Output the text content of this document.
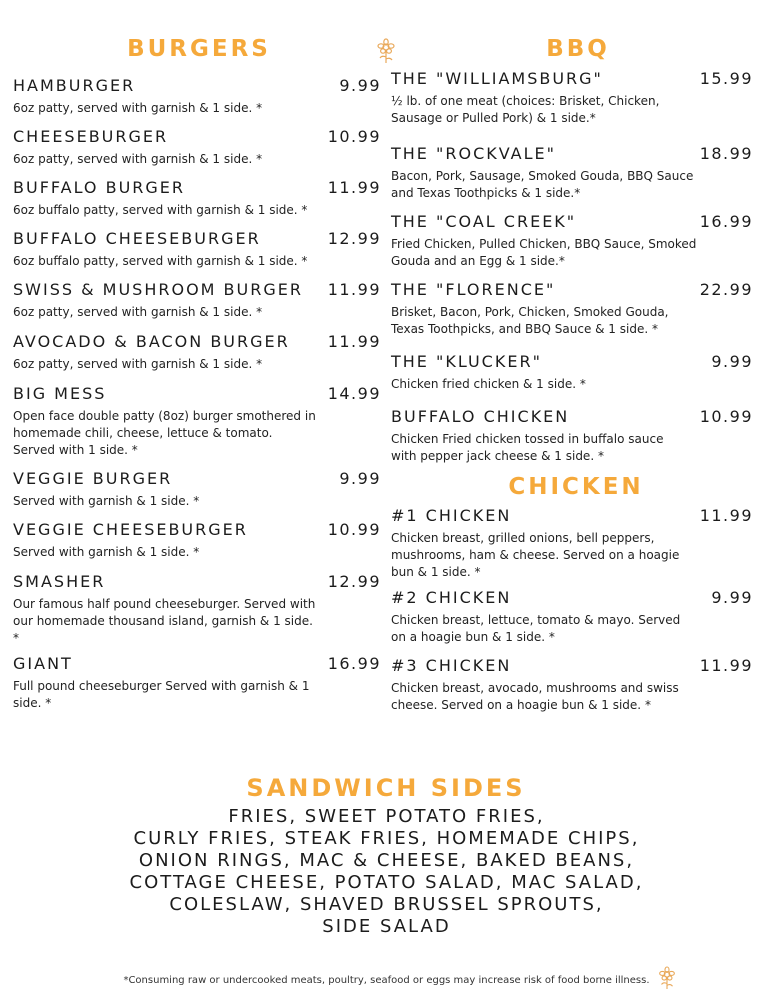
BURGERS	BBQ
CHICKEN
SANDWICH SIDES
HAMBURGER	9.99
6oz patty, served with garnish & 1 side. *
CHEESEBURGER	10.99
6oz patty, served with garnish & 1 side. *
BUFFALO BURGER	11.99
6oz buffalo patty, served with garnish & 1 side. *
BUFFALO CHEESEBURGER	12.99
6oz buffalo patty, served with garnish & 1 side. *
SWISS & MUSHROOM BURGER	11.99
6oz patty, served with garnish & 1 side. *
AVOCADO & BACON BURGER	11.99
6oz patty, served with garnish & 1 side. *
BIG MESS	14.99
Open face double patty (8oz) burger smothered in homemade chili, cheese, lettuce & tomato. Served with 1 side. *
VEGGIE BURGER	9.99
Served with garnish & 1 side. *
VEGGIE CHEESEBURGER	10.99
Served with garnish & 1 side. *
SMASHER	12.99
Our famous half pound cheeseburger. Served with our homemade thousand island, garnish & 1 side. *
GIANT	16.99
Full pound cheeseburger Served with garnish & 1 side. *
THE "WILLIAMSBURG"	15.99
½ lb. of one meat (choices: Brisket, Chicken, Sausage or Pulled Pork) & 1 side.*
THE "ROCKVALE"	18.99
Bacon, Pork, Sausage, Smoked Gouda, BBQ Sauce and Texas Toothpicks & 1 side.*
THE "COAL CREEK"	16.99
Fried Chicken, Pulled Chicken, BBQ Sauce, Smoked Gouda and an Egg & 1 side.*
THE "FLORENCE"	22.99
Brisket, Bacon, Pork, Chicken, Smoked Gouda, Texas Toothpicks, and BBQ Sauce & 1 side. *
THE "KLUCKER"	9.99
Chicken fried chicken & 1 side. *
BUFFALO CHICKEN	10.99
Chicken Fried chicken tossed in buffalo sauce with pepper jack cheese & 1 side. *
#1 CHICKEN	11.99
Chicken breast, grilled onions, bell peppers, mushrooms, ham & cheese. Served on a hoagie bun & 1 side. *
#2 CHICKEN	9.99
Chicken breast, lettuce, tomato & mayo. Served on a hoagie bun & 1 side. *
#3 CHICKEN	11.99
Chicken breast, avocado, mushrooms and swiss cheese. Served on a hoagie bun & 1 side. *
FRIES, SWEET POTATO FRIES,
CURLY FRIES, STEAK FRIES, HOMEMADE CHIPS,
ONION RINGS, MAC & CHEESE, BAKED BEANS,
COTTAGE CHEESE, POTATO SALAD, MAC SALAD,
COLESLAW, SHAVED BRUSSEL SPROUTS,
SIDE SALAD
*Consuming raw or undercooked meats, poultry, seafood or eggs may increase risk of food borne illness.
